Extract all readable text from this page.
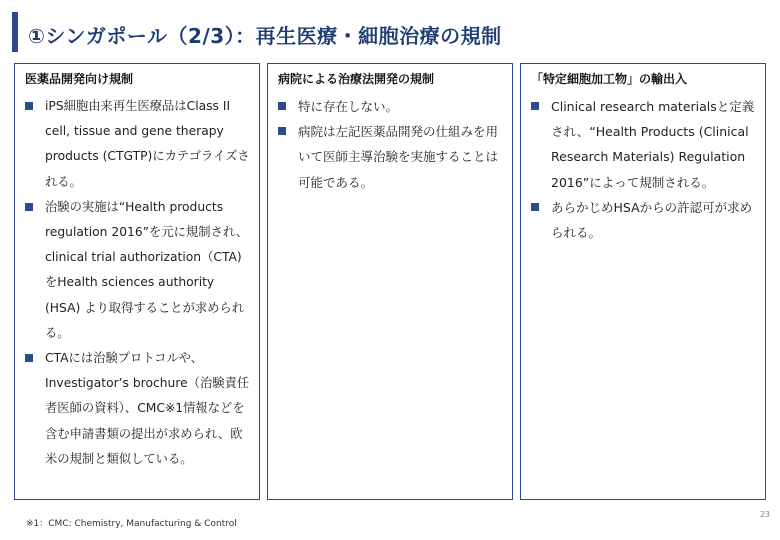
①シンガポール（2/3）：再生医療・細胞治療の規制
医薬品開発向け規制
iPS細胞由来再生医療品はClass II cell, tissue and gene therapy products (CTGTP)にカテゴライズされる。
治験の実施は“Health products regulation 2016”を元に規制され、clinical trial authorization（CTA) をHealth sciences authority (HSA) より取得することが求められる。
CTAには治験プロトコルや、Investigator’s brochure（治験責任者医師の資料）、CMC※1情報などを含む申請書類の提出が求められ、欧米の規制と類似している。
病院による治療法開発の規制
特に存在しない。
病院は左記医薬品開発の仕組みを用いて医師主導治験を実施することは可能である。
「特定細胞加工物」の輸出入
Clinical research materialsと定義され、“Health Products (Clinical Research Materials) Regulation 2016”によって規制される。
あらかじめHSAからの許認可が求められる。
※1：CMC: Chemistry, Manufacturing & Control
23
